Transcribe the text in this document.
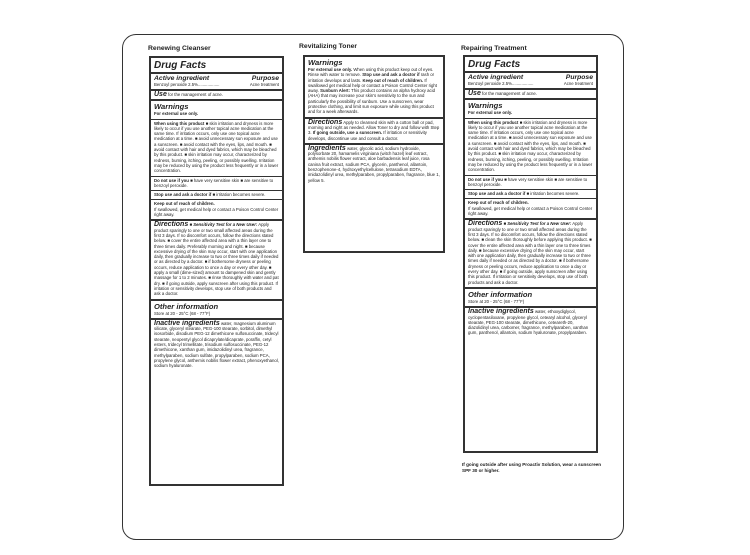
Renewing Cleanser
Drug Facts
Active ingredient	Purpose
Benzoyl peroxide 2.5%..................	Acne treatment

Use for the management of acne.

Warnings

For external use only.

When using this product ■ skin irritation and dryness is more likely to occur if you use another topical acne medication at the same time. If irritation occurs, only use one topical acne medication at a time. ■ avoid unnecessary sun exposure and use a sunscreen. ■ avoid contact with the eyes, lips, and mouth. ■ avoid contact with hair and dyed fabrics, which may be bleached by this product. ■ skin irritation may occur, characterized by redness, burning, itching, peeling, or possibly swelling. Irritation may be reduced by using the product less frequently or in a lower concentration.

Do not use if you ■ have very sensitive skin ■ are sensitive to benzoyl peroxide.

Stop use and ask a doctor if ■ irritation becomes severe.

Keep out of reach of children.

If swallowed, get medical help or contact a Poison Control Center right away.

Directions ■ Sensitivity Test for a New User: Apply product sparingly to one or two small affected areas during the first 3 days. If no discomfort occurs, follow the directions stated below. ■ cover the entire affected area with a thin layer one to three times daily. Preferably morning and night. ■ because excessive drying of the skin may occur, start with one application daily, then gradually increase to two or three times daily if needed or as directed by a doctor. ■ if bothersome dryness or peeling occurs, reduce application to once a day or every other day. ■ apply a small (dime-sized) amount to dampened skin and gently massage for 1 to 2 minutes. ■ rinse thoroughly with water and pat dry. ■ if going outside, apply sunscreen after using this product. If irritation or sensitivity develops, stop use of both products and ask a doctor.

Other information

Store at 20 - 25°C (68 - 77°F)

Inactive ingredients water, magnesium aluminum silicate, glyceryl stearate, PEG-100 stearate, sorbitol, dimethyl isosorbide, disodium PEG-12 dimethicone sulfosuccinate, tridecyl stearate, neopentyl glycol dicaprylate/dicaprate, poraffin, cetyl esters, tridecyl trimellitate, trisodium sulfosuccinate, PEG-12 dimethicone, xanthan gum, imidazolidinyl urea, fragrance, methylparaben, sodium sulfate, propylparaben, sodium PCA, propylene glycol, anthemis nobilis flower extract, phenoxyethanol, sodium hyaluronate.

Revitalizing Toner
Warnings

For external use only. When using this product keep out of eyes. Rinse with water to remove. Stop use and ask a doctor if rash or irritation develops and lasts. Keep out of reach of children. If swallowed get medical help or contact a Poison Control Center right away. Sunburn Alert: This product contains an alpha hydroxy acid (AHA) that may increase your skin's sensitivity to the sun and particularly the possibility of sunburn. Use a sunscreen, wear protective clothing, and limit sun exposure while using this product and for a week afterwards.

Directions Apply to cleansed skin with a cotton ball or pad, morning and night as needed. Allow Toner to dry and follow with Step 3. If going outside, use a sunscreen. If irritation or sensitivity develops, discontinue use and consult a doctor.

Ingredients water, glycolic acid, sodium hydroxide, polysorbate 20, hamamelis virginiana (witch hazel) leaf extract, anthemis nobilis flower extract, aloe barbadensis leaf juice, rosa canina fruit extract, sodium PCA, glycerin, panthenol, allantoin, benzophenone-4, hydroxyethylcellulose, tetrasodium EDTA, imidazolidinyl urea, methylparaben, propylparaben, fragrance, blue 1, yellow 5.

Repairing Treatment
Drug Facts
Active ingredient	Purpose
Benzoyl peroxide 2.5%..................	Acne treatment

Use for the management of acne.

Warnings

For external use only.

When using this product ■ skin irritation and dryness is more likely to occur if you use another topical acne medication at the same time. If irritation occurs, only use one topical acne medication at a time. ■ avoid unnecessary sun exposure and use a sunscreen. ■ avoid contact with the eyes, lips, and mouth. ■ avoid contact with hair and dyed fabrics, which may be bleached by this product. ■ skin irritation may occur, characterized by redness, burning, itching, peeling, or possibly swelling. Irritation may be reduced by using the product less frequently or in a lower concentration.

Do not use if you ■ have very sensitive skin ■ are sensitive to benzoyl peroxide.

Stop use and ask a doctor if ■ irritation becomes severe.

Keep out of reach of children.

If swallowed, get medical help or contact a Poison Control Center right away.

Directions ■ Sensitivity Test for a New User: Apply product sparingly to one or two small affected areas during the first 3 days. If no discomfort occurs, follow the directions stated below. ■ clean the skin thoroughly before applying this product. ■ cover the entire affected area with a thin layer one to three times daily. ■ because excessive drying of the skin may occur, start with one application daily, then gradually increase to two or three times daily if needed or as directed by a doctor. ■ if bothersome dryness or peeling occurs, reduce application to once a day or every other day. ■ if going outside, apply sunscreen after using this product. If irritation or sensitivity develops, stop use of both products and ask a doctor.

Other information

Store at 20 - 25°C (68 - 77°F)

Inactive ingredients water, ethoxydiglycol, cyclopentasiloxane, propylene glycol, cetearyl alcohol, glyceryl stearate, PEG-100 stearate, dimethicone, ceteareth-20, diazolidinyl urea, carbomer, fragrance, methylparaben, xanthan gum, panthenol, allantoin, sodium hyaluronate, propylparaben.

If going outside after using Proactiv Solution, wear a sunscreen SPF 30 or higher.
